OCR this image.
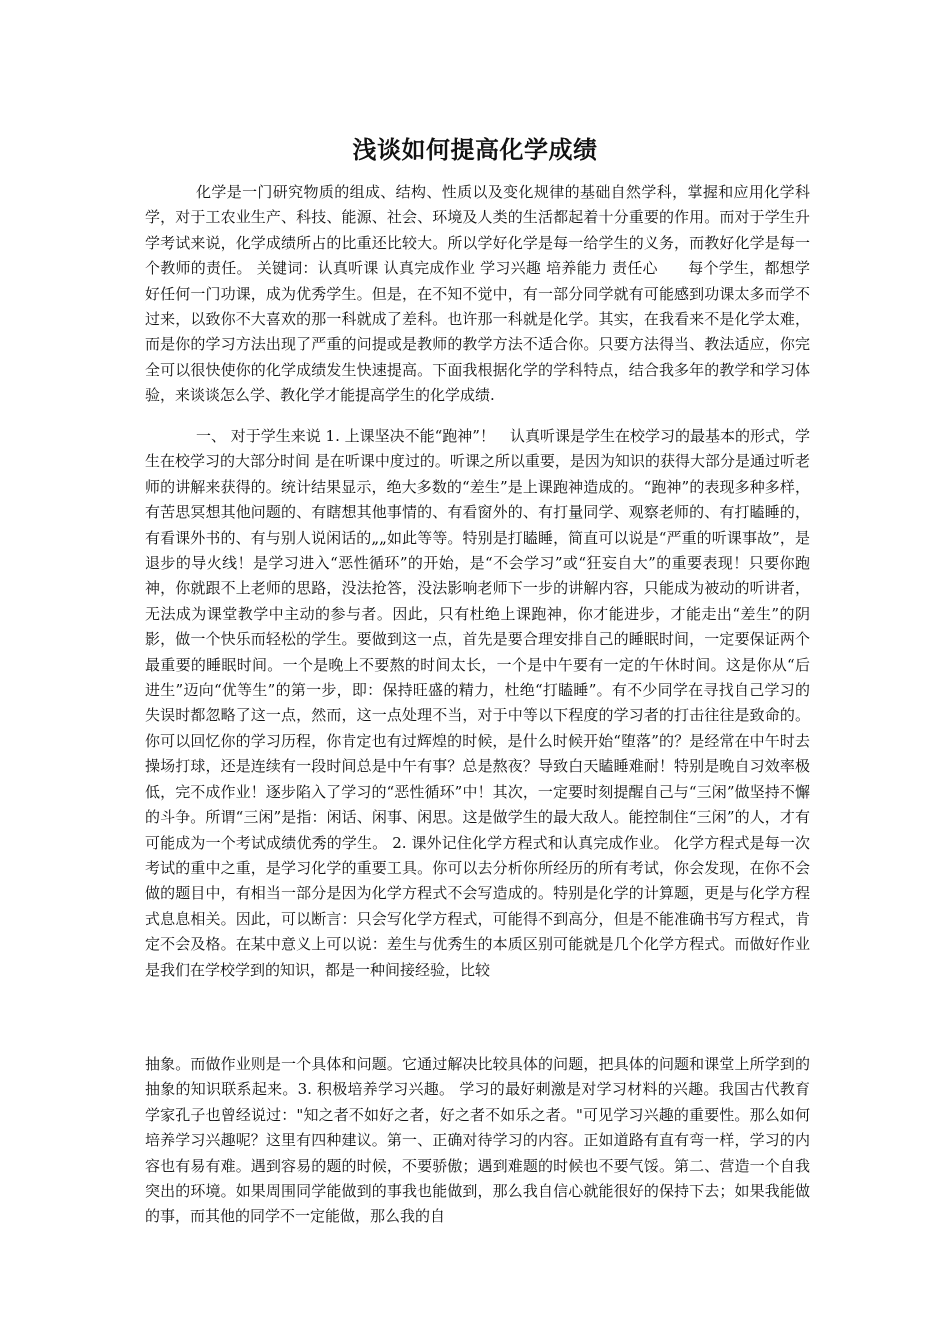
浅谈如何提高化学成绩

化学是一门研究物质的组成、结构、性质以及变化规律的基础自然学科，掌握和应用化学科学，对于工农业生产、科技、能源、社会、环境及人类的生活都起着十分重要的作用。而对于学生升学考试来说，化学成绩所占的比重还比较大。所以学好化学是每一给学生的义务，而教好化学是每一个教师的责任。 关键词：认真听课 认真完成作业 学习兴趣 培养能力 责任心　　每个学生，都想学好任何一门功课，成为优秀学生。但是，在不知不觉中，有一部分同学就有可能感到功课太多而学不过来，以致你不大喜欢的那一科就成了差科。也许那一科就是化学。其实，在我看来不是化学太难，而是你的学习方法出现了严重的问提或是教师的教学方法不适合你。只要方法得当、教法适应，你完全可以很快使你的化学成绩发生快速提高。下面我根据化学的学科特点，结合我多年的教学和学习体验，来谈谈怎么学、教化学才能提高学生的化学成绩.

一、 对于学生来说 1. 上课坚决不能“跑神”！　认真听课是学生在校学习的最基本的形式，学生在校学习的大部分时间 是在听课中度过的。听课之所以重要，是因为知识的获得大部分是通过听老师的讲解来获得的。统计结果显示，绝大多数的“差生”是上课跑神造成的。“跑神”的表现多种多样，有苦思冥想其他问题的、有瞎想其他事情的、有看窗外的、有打量同学、观察老师的、有打瞌睡的，有看课外书的、有与别人说闲话的„„如此等等。特别是打瞌睡，简直可以说是“严重的听课事故”，是退步的导火线！是学习进入“恶性循环”的开始，是“不会学习”或“狂妄自大”的重要表现！只要你跑神，你就跟不上老师的思路，没法抢答，没法影响老师下一步的讲解内容，只能成为被动的听讲者，无法成为课堂教学中主动的参与者。因此，只有杜绝上课跑神，你才能进步，才能走出“差生”的阴影，做一个快乐而轻松的学生。要做到这一点，首先是要合理安排自己的睡眠时间，一定要保证两个最重要的睡眠时间。一个是晚上不要熬的时间太长，一个是中午要有一定的午休时间。这是你从“后进生”迈向“优等生”的第一步，即：保持旺盛的精力，杜绝“打瞌睡”。有不少同学在寻找自己学习的失误时都忽略了这一点，然而，这一点处理不当，对于中等以下程度的学习者的打击往往是致命的。你可以回忆你的学习历程，你肯定也有过辉煌的时候，是什么时候开始“堕落”的？是经常在中午时去操场打球，还是连续有一段时间总是中午有事？总是熬夜？导致白天瞌睡难耐！特别是晚自习效率极低，完不成作业！逐步陷入了学习的“恶性循环”中！其次，一定要时刻提醒自己与“三闲”做坚持不懈的斗争。所谓“三闲”是指：闲话、闲事、闲思。这是做学生的最大敌人。能控制住“三闲”的人，才有可能成为一个考试成绩优秀的学生。 2. 课外记住化学方程式和认真完成作业。 化学方程式是每一次考试的重中之重，是学习化学的重要工具。你可以去分析你所经历的所有考试，你会发现，在你不会做的题目中，有相当一部分是因为化学方程式不会写造成的。特别是化学的计算题，更是与化学方程式息息相关。因此，可以断言：只会写化学方程式，可能得不到高分，但是不能准确书写方程式，肯定不会及格。在某中意义上可以说：差生与优秀生的本质区别可能就是几个化学方程式。而做好作业是我们在学校学到的知识，都是一种间接经验，比较

抽象。而做作业则是一个具体和问题。它通过解决比较具体的问题，把具体的问题和课堂上所学到的抽象的知识联系起来。3. 积极培养学习兴趣。 学习的最好刺激是对学习材料的兴趣。我国古代教育学家孔子也曾经说过："知之者不如好之者，好之者不如乐之者。"可见学习兴趣的重要性。那么如何培养学习兴趣呢？这里有四种建议。第一、正确对待学习的内容。正如道路有直有弯一样，学习的内容也有易有难。遇到容易的题的时候，不要骄傲；遇到难题的时候也不要气馁。第二、营造一个自我突出的环境。如果周围同学能做到的事我也能做到，那么我自信心就能很好的保持下去；如果我能做的事，而其他的同学不一定能做，那么我的自
